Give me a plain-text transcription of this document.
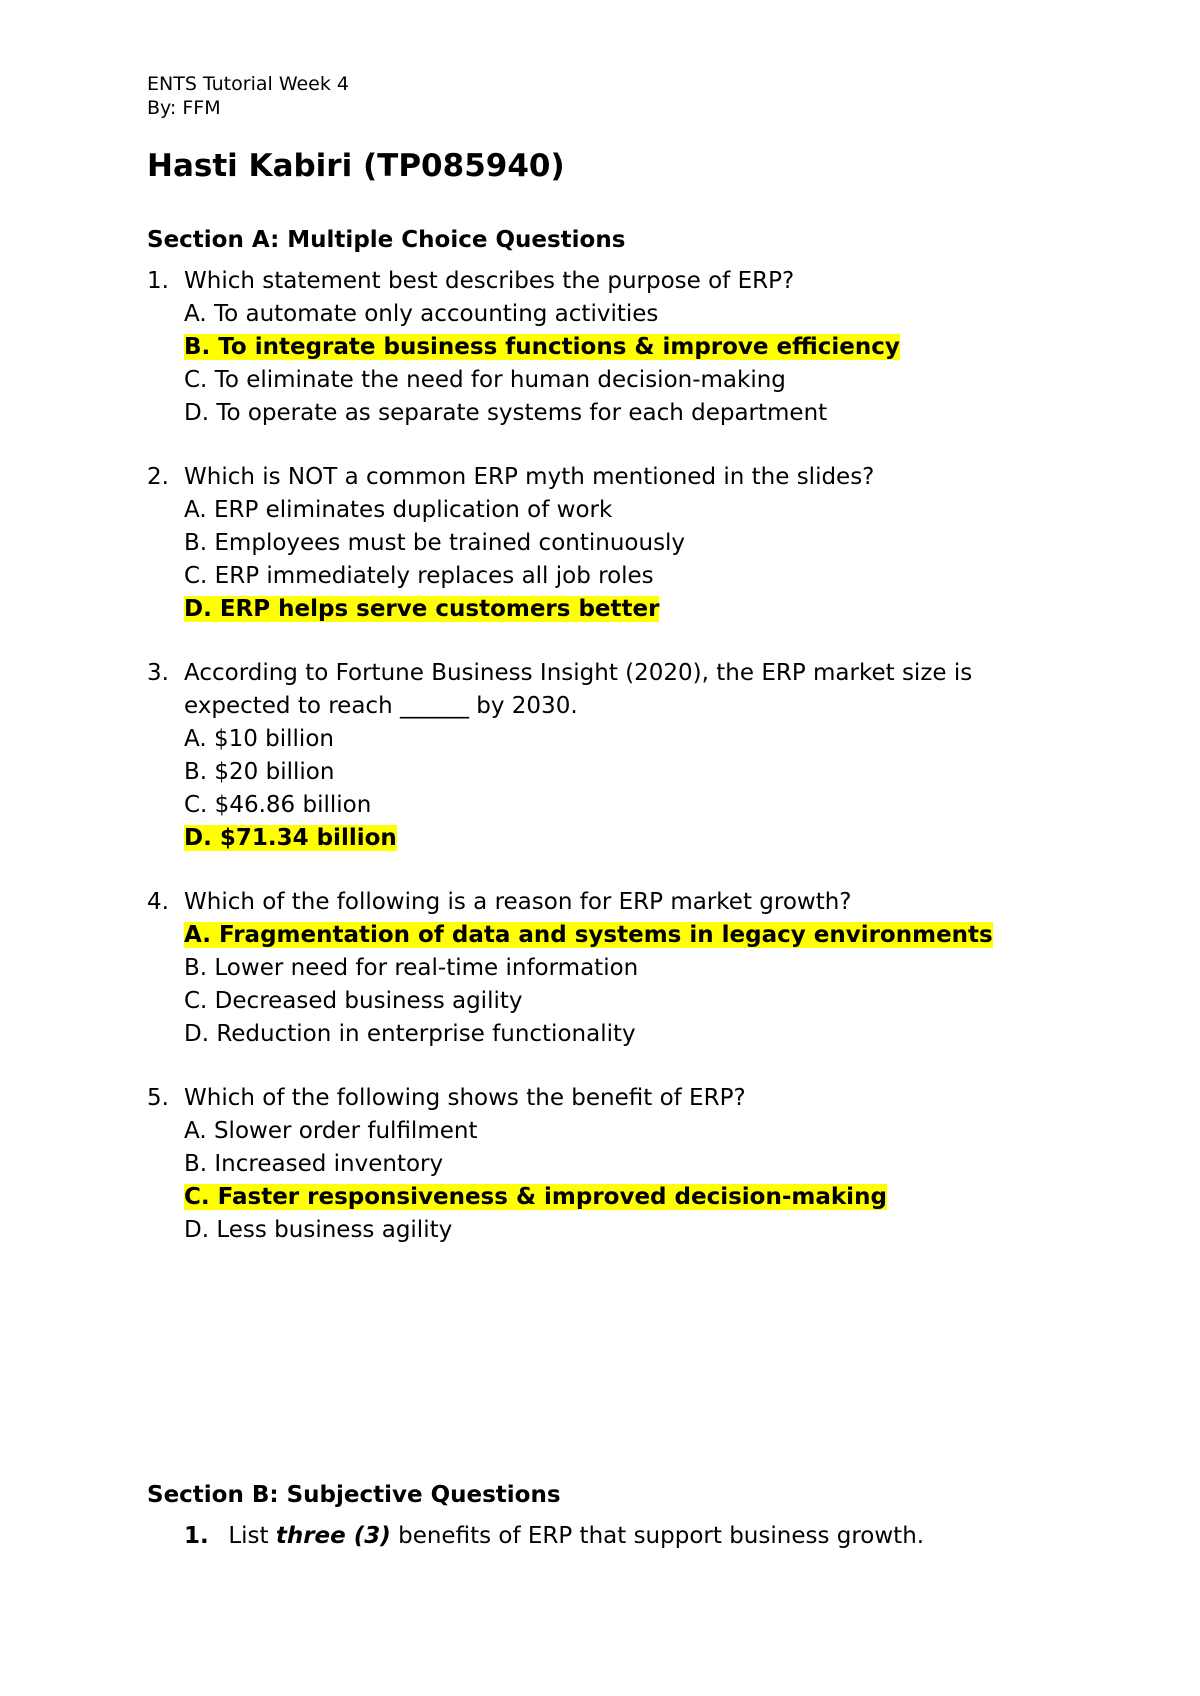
ENTS Tutorial Week 4
By: FFM
Hasti Kabiri (TP085940)
Section A: Multiple Choice Questions
1. Which statement best describes the purpose of ERP?
A. To automate only accounting activities
B. To integrate business functions & improve efficiency
C. To eliminate the need for human decision-making
D. To operate as separate systems for each department
2. Which is NOT a common ERP myth mentioned in the slides?
A. ERP eliminates duplication of work
B. Employees must be trained continuously
C. ERP immediately replaces all job roles
D. ERP helps serve customers better
3. According to Fortune Business Insight (2020), the ERP market size is
expected to reach ______ by 2030.
A. $10 billion
B. $20 billion
C. $46.86 billion
D. $71.34 billion
4. Which of the following is a reason for ERP market growth?
A. Fragmentation of data and systems in legacy environments
B. Lower need for real-time information
C. Decreased business agility
D. Reduction in enterprise functionality
5. Which of the following shows the benefit of ERP?
A. Slower order fulfilment
B. Increased inventory
C. Faster responsiveness & improved decision-making
D. Less business agility
Section B: Subjective Questions
1. List three (3) benefits of ERP that support business growth.
